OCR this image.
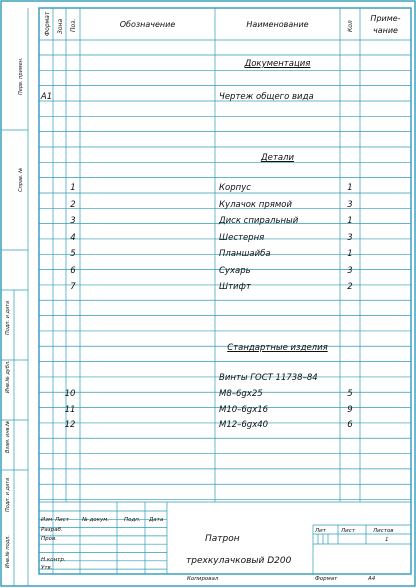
Перв. примен.
Справ. №
Подп. и дата
Инв.№ дубл.
Взам. инв.№
Подп. и дата
Инв.№ подл.
Формат Зона Поз.	Обозначение	Наименование	Кол
Приме-
чание
Документация
А1	Чертеж общего вида
Детали
1	Корпус	1
2	Кулачок прямой	3
3	Диск спиральный	1
4	Шестерня	3
5	Планшайба	1
6	Сухарь	3
7	Штифт	2
Стандартные изделия
Винты ГОСТ 11738–84
10	М8–6gx25	5
11	М10–6gx16	9
12	М12–6gx40	6
Изм Лист № докум.	Подп. Дата
Разраб.
Пров.
Н.контр.
Утв.
Патрон
трехкулачковый D200
Лит	Лист	Листов
1
Копировал	Формат	А4
